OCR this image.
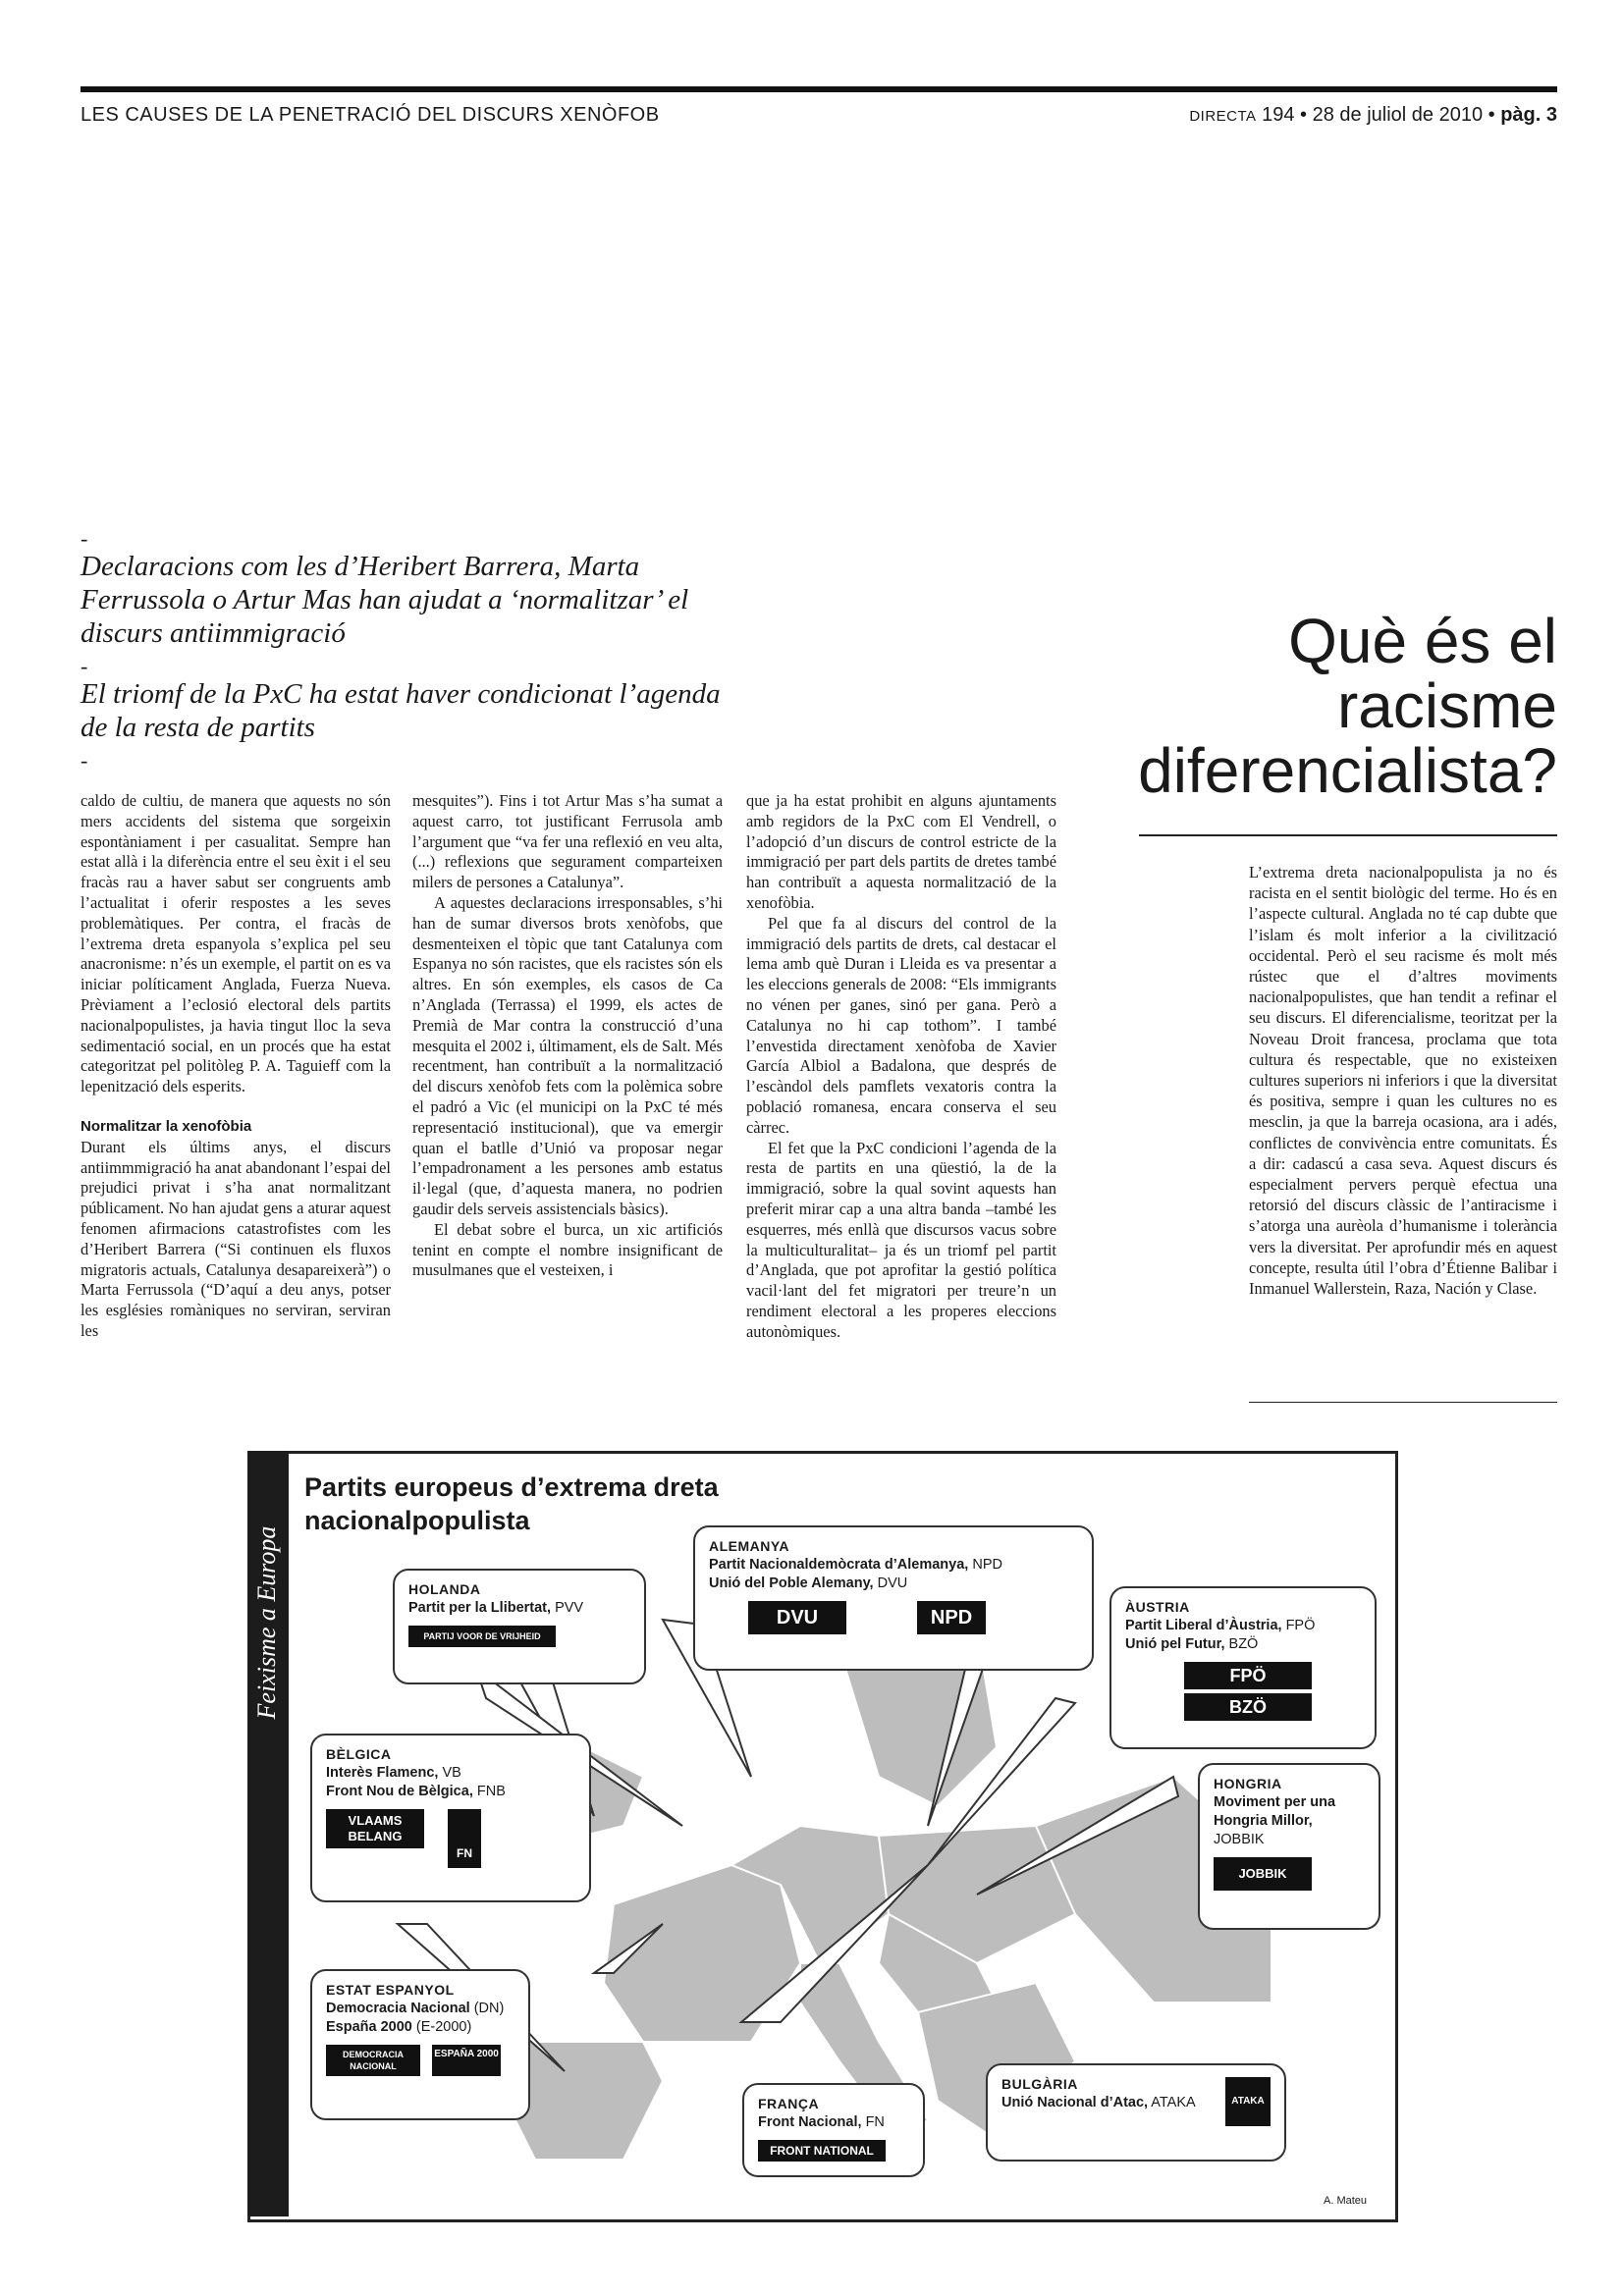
LES CAUSES DE LA PENETRACIÓ DEL DISCURS XENÒFOB	DIRECTA 194 • 28 de juliol de 2010 • pàg. 3
-

Declaracions com les d’Heribert Barrera, Marta Ferrussola o Artur Mas han ajudat a ‘normalitzar’ el discurs antiimmigració

-

El triomf de la PxC ha estat haver condicionat l’agenda de la resta de partits

-

caldo de cultiu, de manera que aquests no són mers accidents del sistema que sorgeixin espontàniament i per casualitat. Sempre han estat allà i la diferència entre el seu èxit i el seu fracàs rau a haver sabut ser congruents amb l’actualitat i oferir respostes a les seves problemàtiques. Per contra, el fracàs de l’extrema dreta espanyola s’explica pel seu anacronisme: n’és un exemple, el partit on es va iniciar políticament Anglada, Fuerza Nueva. Prèviament a l’eclosió electoral dels partits nacionalpopulistes, ja havia tingut lloc la seva sedimentació social, en un procés que ha estat categoritzat pel politòleg P. A. Taguieff com la lepenització dels esperits.

Normalitzar la xenofòbia

Durant els últims anys, el discurs antiimmmigració ha anat abandonant l’espai del prejudici privat i s’ha anat normalitzant públicament. No han ajudat gens a aturar aquest fenomen afirmacions catastrofistes com les d’Heribert Barrera (“Si continuen els fluxos migratoris actuals, Catalunya desapareixerà”) o Marta Ferrussola (“D’aquí a deu anys, potser les esglésies romàniques no serviran, serviran les

mesquites”). Fins i tot Artur Mas s’ha sumat a aquest carro, tot justificant Ferrusola amb l’argument que “va fer una reflexió en veu alta, (...) reflexions que segurament comparteixen milers de persones a Catalunya”.

A aquestes declaracions irresponsables, s’hi han de sumar diversos brots xenòfobs, que desmenteixen el tòpic que tant Catalunya com Espanya no són racistes, que els racistes són els altres. En són exemples, els casos de Ca n’Anglada (Terrassa) el 1999, els actes de Premià de Mar contra la construcció d’una mesquita el 2002 i, últimament, els de Salt. Més recentment, han contribuït a la normalització del discurs xenòfob fets com la polèmica sobre el padró a Vic (el municipi on la PxC té més representació institucional), que va emergir quan el batlle d’Unió va proposar negar l’empadronament a les persones amb estatus il·legal (que, d’aquesta manera, no podrien gaudir dels serveis assistencials bàsics).

El debat sobre el burca, un xic artificiós tenint en compte el nombre insignificant de musulmanes que el vesteixen, i

que ja ha estat prohibit en alguns ajuntaments amb regidors de la PxC com El Vendrell, o l’adopció d’un discurs de control estricte de la immigració per part dels partits de dretes també han contribuït a aquesta normalització de la xenofòbia.

Pel que fa al discurs del control de la immigració dels partits de drets, cal destacar el lema amb què Duran i Lleida es va presentar a les eleccions generals de 2008: “Els immigrants no vénen per ganes, sinó per gana. Però a Catalunya no hi cap tothom”. I també l’envestida directament xenòfoba de Xavier García Albiol a Badalona, que després de l’escàndol dels pamflets vexatoris contra la població romanesa, encara conserva el seu càrrec.

El fet que la PxC condicioni l’agenda de la resta de partits en una qüestió, la de la immigració, sobre la qual sovint aquests han preferit mirar cap a una altra banda –també les esquerres, més enllà que discursos vacus sobre la multiculturalitat– ja és un triomf pel partit d’Anglada, que pot aprofitar la gestió política vacil·lant del fet migratori per treure’n un rendiment electoral a les properes eleccions autonòmiques.

Què és el racisme diferencialista?
L’extrema dreta nacionalpopulista ja no és racista en el sentit biològic del terme. Ho és en l’aspecte cultural. Anglada no té cap dubte que l’islam és molt inferior a la civilització occidental. Però el seu racisme és molt més rústec que el d’altres moviments nacionalpopulistes, que han tendit a refinar el seu discurs. El diferencialisme, teoritzat per la Noveau Droit francesa, proclama que tota cultura és respectable, que no existeixen cultures superiors ni inferiors i que la diversitat és positiva, sempre i quan les cultures no es mesclin, ja que la barreja ocasiona, ara i adés, conflictes de convivència entre comunitats. És a dir: cadascú a casa seva. Aquest discurs és especialment pervers perquè efectua una retorsió del discurs clàssic de l’antiracisme i s’atorga una aurèola d’humanisme i tolerància vers la diversitat. Per aprofundir més en aquest concepte, resulta útil l’obra d’Étienne Balibar i Inmanuel Wallerstein, Raza, Nación y Clase.
Feixisme a Europa
Partits europeus d’extrema dreta
nacionalpopulista
HOLANDA
Partit per la Llibertat, PVV
PARTIJ VOOR DE VRIJHEID
ALEMANYA
Partit Nacionaldemòcrata d’Alemanya, NPD
Unió del Poble Alemany, DVU
DVU	NPD	ÀUSTRIA
Partit Liberal d’Àustria, FPÖ
Unió pel Futur, BZÖ
FPÖ
BZÖ
BÈLGICA
Interès Flamenc, VB
Front Nou de Bèlgica, FNB
VLAAMS BELANG FN
HONGRIA
Moviment per una Hongria Millor,
JOBBIK
JOBBIK
ESTAT ESPANYOL
Democracia Nacional (DN)
España 2000 (E-2000)
DEMOCRACIA NACIONAL ESPAÑA 2000
FRANÇA
Front Nacional, FN
FRONT NATIONAL
BULGÀRIA
Unió Nacional d’Atac, ATAKA	ATAKA
A. Mateu
